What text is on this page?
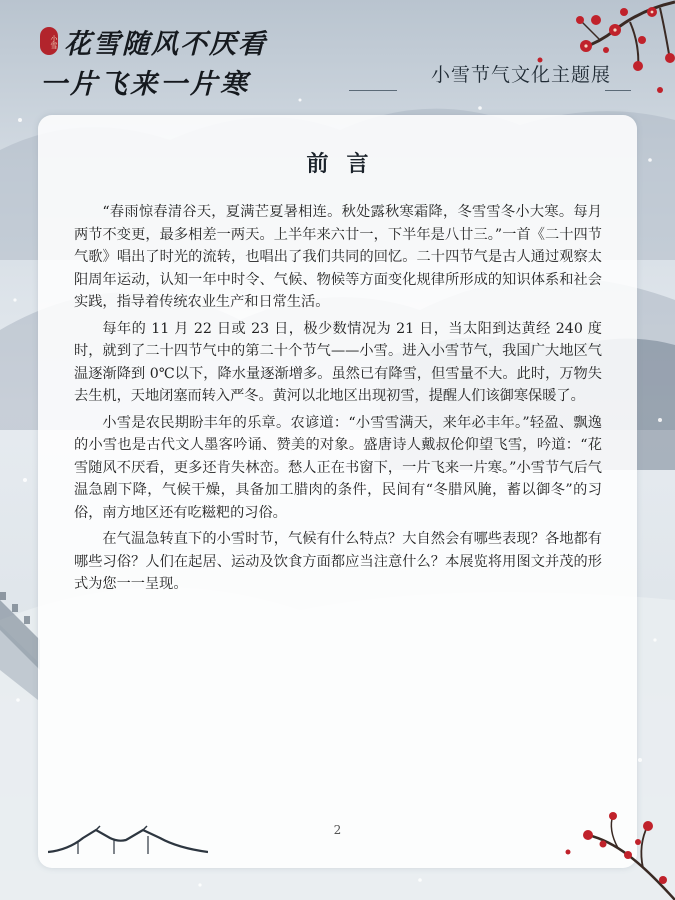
小雪 花雪随风不厌看
一片飞来一片寒	小雪节气文化主题展
前言

“春雨惊春清谷天，夏满芒夏暑相连。秋处露秋寒霜降，冬雪雪冬小大寒。每月两节不变更，最多相差一两天。上半年来六廿一，下半年是八廿三。”一首《二十四节气歌》唱出了时光的流转，也唱出了我们共同的回忆。二十四节气是古人通过观察太阳周年运动，认知一年中时令、气候、物候等方面变化规律所形成的知识体系和社会实践，指导着传统农业生产和日常生活。

每年的 11 月 22 日或 23 日，极少数情况为 21 日，当太阳到达黄经 240 度时，就到了二十四节气中的第二十个节气——小雪。进入小雪节气，我国广大地区气温逐渐降到 0℃以下，降水量逐渐增多。虽然已有降雪，但雪量不大。此时，万物失去生机，天地闭塞而转入严冬。黄河以北地区出现初雪，提醒人们该御寒保暖了。

小雪是农民期盼丰年的乐章。农谚道：“小雪雪满天，来年必丰年。”轻盈、飘逸的小雪也是古代文人墨客吟诵、赞美的对象。盛唐诗人戴叔伦仰望飞雪，吟道：“花雪随风不厌看，更多还肯失林峦。愁人正在书窗下，一片飞来一片寒。”小雪节气后气温急剧下降，气候干燥，具备加工腊肉的条件，民间有“冬腊风腌，蓄以御冬”的习俗，南方地区还有吃糍粑的习俗。

在气温急转直下的小雪时节，气候有什么特点？大自然会有哪些表现？各地都有哪些习俗？人们在起居、运动及饮食方面都应当注意什么？本展览将用图文并茂的形式为您一一呈现。

2
